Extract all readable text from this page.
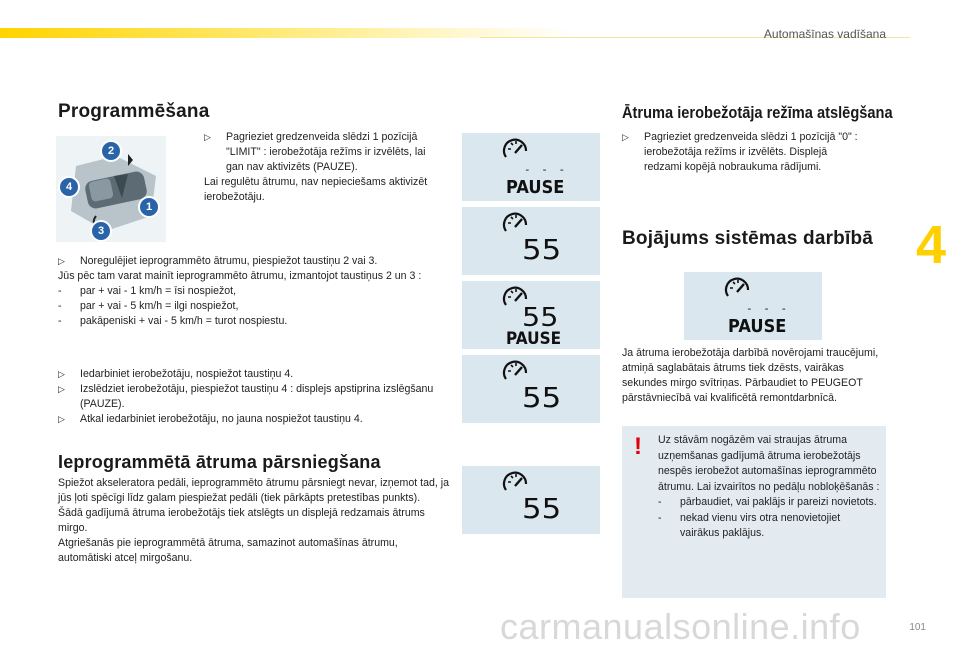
Automašīnas vadīšana
4
Programmēšana
2
4
1
3

▷ Pagrieziet gredzenveida slēdzi 1 pozīcijā "LIMIT" : ierobežotāja režīms ir izvēlēts, lai gan nav aktivizēts (PAUZE).

Lai regulētu ātrumu, nav nepieciešams aktivizēt ierobežotāju.

▷ Noregulējiet ieprogrammēto ātrumu, piespiežot taustiņu 2 vai 3.

Jūs pēc tam varat mainīt ieprogrammēto ātrumu, izmantojot taustiņus 2 un 3 :

- par + vai - 1 km/h = īsi nospiežot,

- par + vai - 5 km/h = ilgi nospiežot,

- pakāpeniski + vai - 5 km/h = turot nospiestu.

▷ Iedarbiniet ierobežotāju, nospiežot taustiņu 4.

▷ Izslēdziet ierobežotāju, piespiežot taustiņu 4 : displejs apstiprina izslēgšanu (PAUZE).

▷ Atkal iedarbiniet ierobežotāju, no jauna nospiežot taustiņu 4.

Ieprogrammētā ātruma pārsniegšana

Spiežot akseleratora pedāli, ieprogrammēto ātrumu pārsniegt nevar, izņemot tad, ja jūs ļoti spēcīgi līdz galam piespiežat pedāli (tiek pārkāpts pretestības punkts).

Šādā gadījumā ātruma ierobežotājs tiek atslēgts un displejā redzamais ātrums mirgo.

Atgriešanās pie ieprogrammētā ātruma, samazinot automašīnas ātrumu, automātiski atceļ mirgošanu.

- - -
PAUSE
55
55
PAUSE
55
55
Ātruma ierobežotāja režīma atslēgšana

▷ Pagrieziet gredzenveida slēdzi 1 pozīcijā "0" : ierobežotāja režīms ir izvēlēts. Displejā redzami kopējā nobraukuma rādījumi.

Bojājums sistēmas darbībā
- - -
PAUSE

Ja ātruma ierobežotāja darbībā novērojami traucējumi, atmiņā saglabātais ātrums tiek dzēsts, vairākas sekundes mirgo svītriņas. Pārbaudiet to PEUGEOT pārstāvniecībā vai kvalificētā remontdarbnīcā.

! Uz stāvām nogāzēm vai straujas ātruma uzņemšanas gadījumā ātruma ierobežotājs nespēs ierobežot automašīnas ieprogrammēto ātrumu. Lai izvairītos no pedāļu nobloķēšanās :

- pārbaudiet, vai paklājs ir pareizi novietots.

- nekad vienu virs otra nenovietojiet vairākus paklājus.

carmanualsonline.info	101
